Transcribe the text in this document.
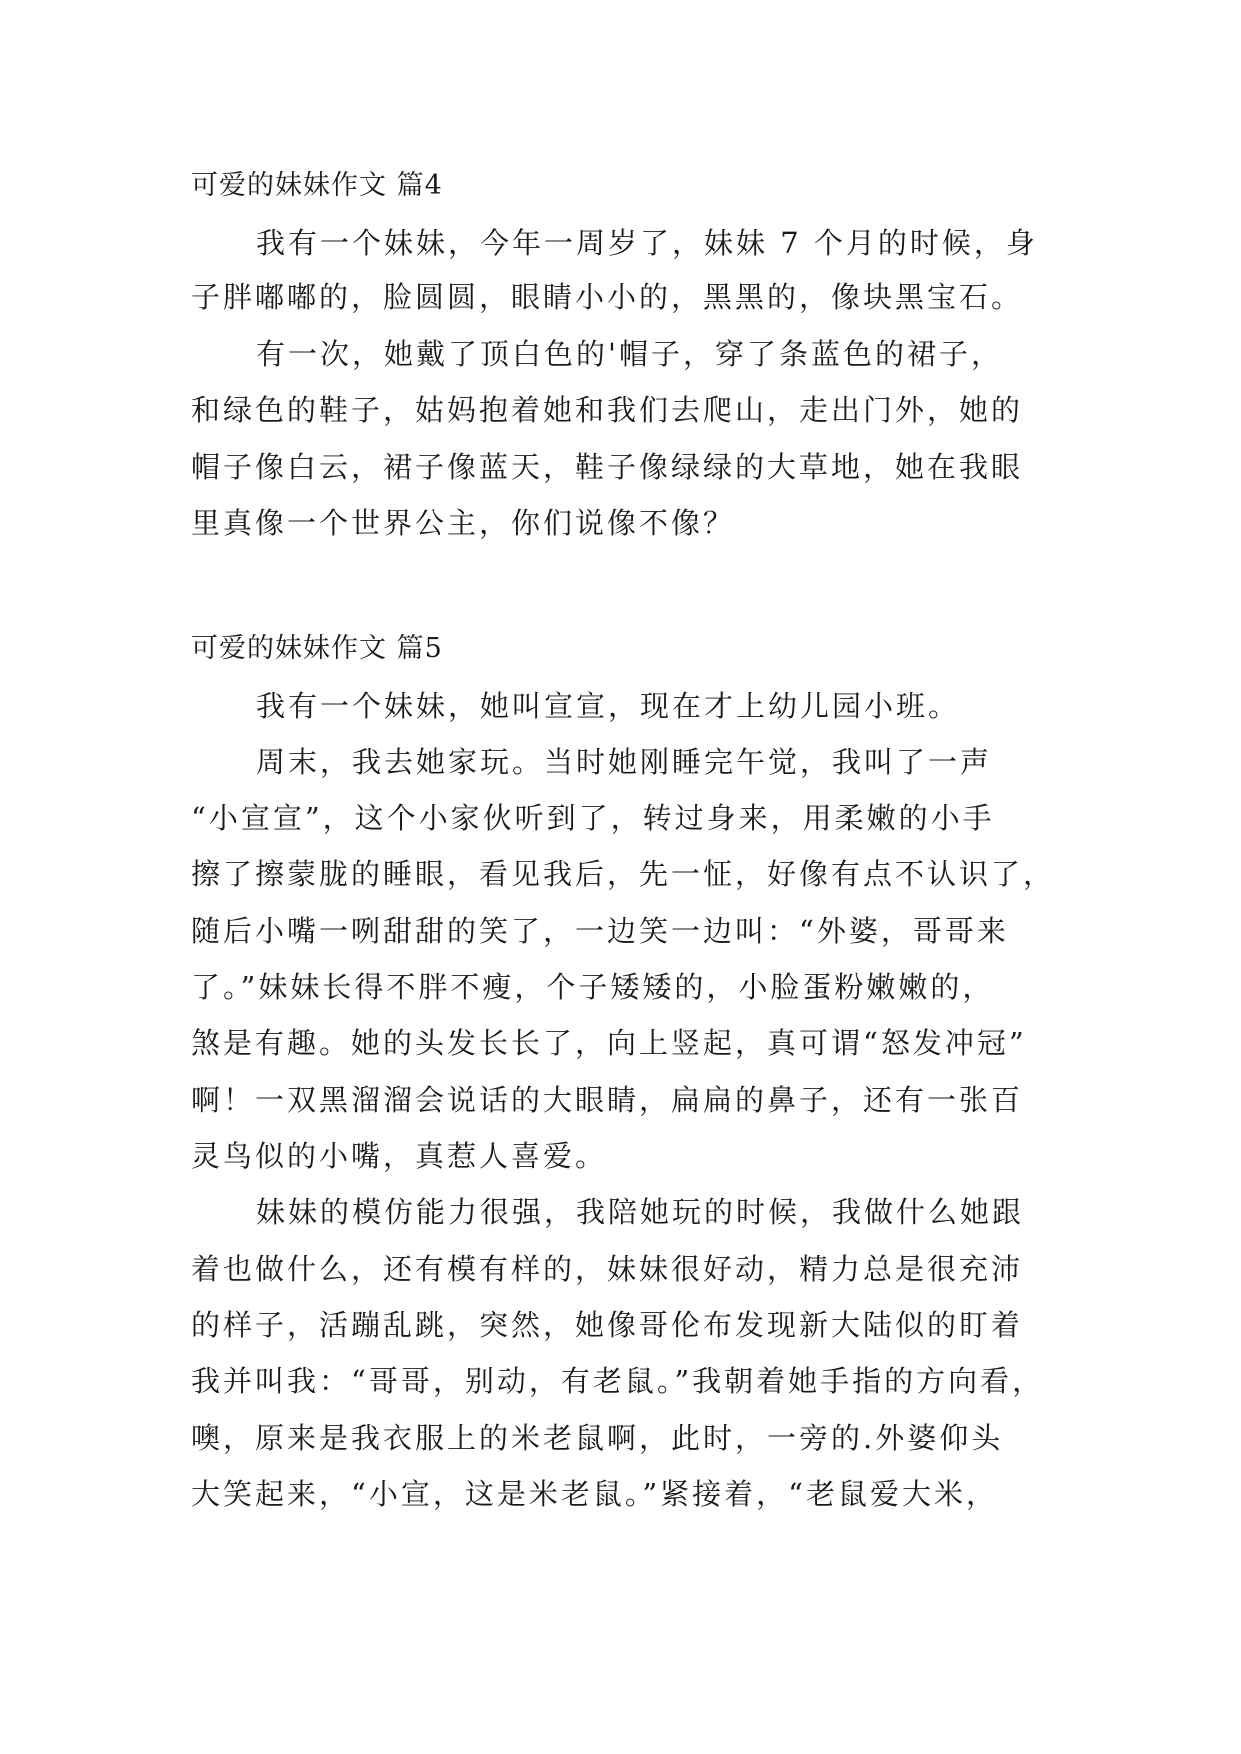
可爱的妹妹作文 篇4
我有一个妹妹，今年一周岁了，妹妹 7 个月的时候，身
子胖嘟嘟的，脸圆圆，眼睛小小的，黑黑的，像块黑宝石。
有一次，她戴了顶白色的'帽子，穿了条蓝色的裙子，
和绿色的鞋子，姑妈抱着她和我们去爬山，走出门外，她的
帽子像白云，裙子像蓝天，鞋子像绿绿的大草地，她在我眼
里真像一个世界公主，你们说像不像？
可爱的妹妹作文 篇5
我有一个妹妹，她叫宣宣，现在才上幼儿园小班。
周末，我去她家玩。当时她刚睡完午觉，我叫了一声
“小宣宣”，这个小家伙听到了，转过身来，用柔嫩的小手
擦了擦蒙胧的睡眼，看见我后，先一怔，好像有点不认识了，
随后小嘴一咧甜甜的笑了，一边笑一边叫：“外婆，哥哥来
了。”妹妹长得不胖不瘦，个子矮矮的，小脸蛋粉嫩嫩的，
煞是有趣。她的头发长长了，向上竖起，真可谓“怒发冲冠”
啊！一双黑溜溜会说话的大眼睛，扁扁的鼻子，还有一张百
灵鸟似的小嘴，真惹人喜爱。
妹妹的模仿能力很强，我陪她玩的时候，我做什么她跟
着也做什么，还有模有样的，妹妹很好动，精力总是很充沛
的样子，活蹦乱跳，突然，她像哥伦布发现新大陆似的盯着
我并叫我：“哥哥，别动，有老鼠。”我朝着她手指的方向看，
噢，原来是我衣服上的米老鼠啊，此时，一旁的.外婆仰头
大笑起来，“小宣，这是米老鼠。”紧接着，“老鼠爱大米，
